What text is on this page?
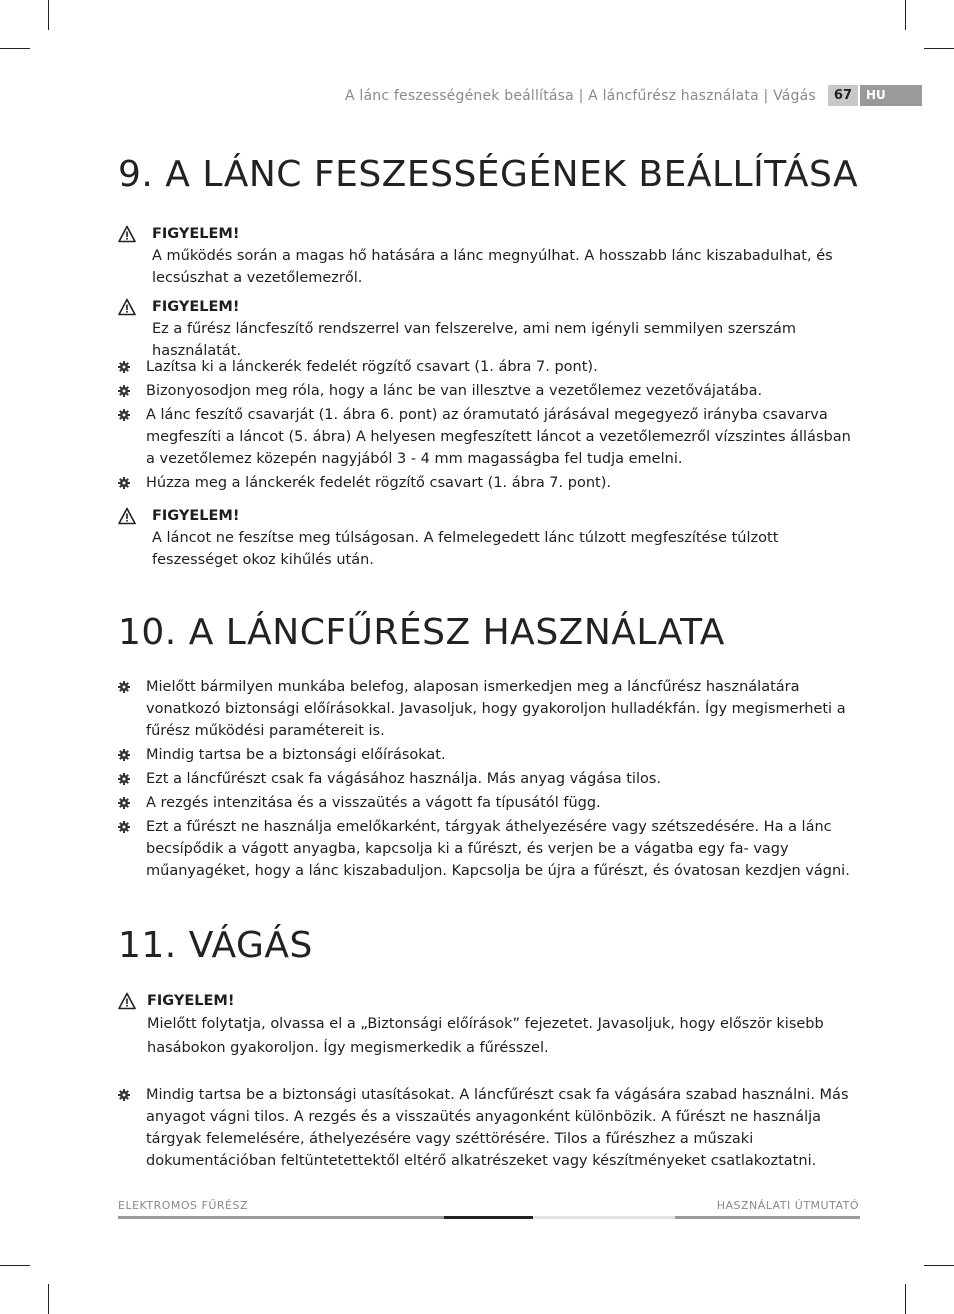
A lánc feszességének beállítása | A láncfűrész használata | Vágás	67	HU
9. A LÁNC FESZESSÉGÉNEK BEÁLLÍTÁSA
FIGYELEM!
A működés során a magas hő hatására a lánc megnyúlhat. A hosszabb lánc kiszabadulhat, és lecsúszhat a vezetőlemezről.
FIGYELEM!
Ez a fűrész láncfeszítő rendszerrel van felszerelve, ami nem igényli semmilyen szerszám használatát.
Lazítsa ki a lánckerék fedelét rögzítő csavart (1. ábra 7. pont).
Bizonyosodjon meg róla, hogy a lánc be van illesztve a vezetőlemez vezetővájatába.
A lánc feszítő csavarját (1. ábra 6. pont) az óramutató járásával megegyező irányba csavarva megfeszíti a láncot (5. ábra) A helyesen megfeszített láncot a vezetőlemezről vízszintes állásban a vezetőlemez közepén nagyjából 3 - 4 mm magasságba fel tudja emelni.
Húzza meg a lánckerék fedelét rögzítő csavart (1. ábra 7. pont).
FIGYELEM!
A láncot ne feszítse meg túlságosan. A felmelegedett lánc túlzott megfeszítése túlzott feszességet okoz kihűlés után.
10. A LÁNCFŰRÉSZ HASZNÁLATA
Mielőtt bármilyen munkába belefog, alaposan ismerkedjen meg a láncfűrész használatára vonatkozó biztonsági előírásokkal. Javasoljuk, hogy gyakoroljon hulladékfán. Így megismerheti a fűrész működési paramétereit is.
Mindig tartsa be a biztonsági előírásokat.
Ezt a láncfűrészt csak fa vágásához használja. Más anyag vágása tilos.
A rezgés intenzitása és a visszaütés a vágott fa típusától függ.
Ezt a fűrészt ne használja emelőkarként, tárgyak áthelyezésére vagy szétszedésére. Ha a lánc becsípődik a vágott anyagba, kapcsolja ki a fűrészt, és verjen be a vágatba egy fa- vagy műanyagéket, hogy a lánc kiszabaduljon. Kapcsolja be újra a fűrészt, és óvatosan kezdjen vágni.
11. VÁGÁS
FIGYELEM!
Mielőtt folytatja, olvassa el a „Biztonsági előírások” fejezetet. Javasoljuk, hogy először kisebb hasábokon gyakoroljon. Így megismerkedik a fűrésszel.
Mindig tartsa be a biztonsági utasításokat. A láncfűrészt csak fa vágására szabad használni. Más anyagot vágni tilos. A rezgés és a visszaütés anyagonként különbözik. A fűrészt ne használja tárgyak felemelésére, áthelyezésére vagy széttörésére. Tilos a fűrészhez a műszaki dokumentációban feltüntetettektől eltérő alkatrészeket vagy készítményeket csatlakoztatni.
ELEKTROMOS FŰRÉSZ	HASZNÁLATI ÚTMUTATÓ
